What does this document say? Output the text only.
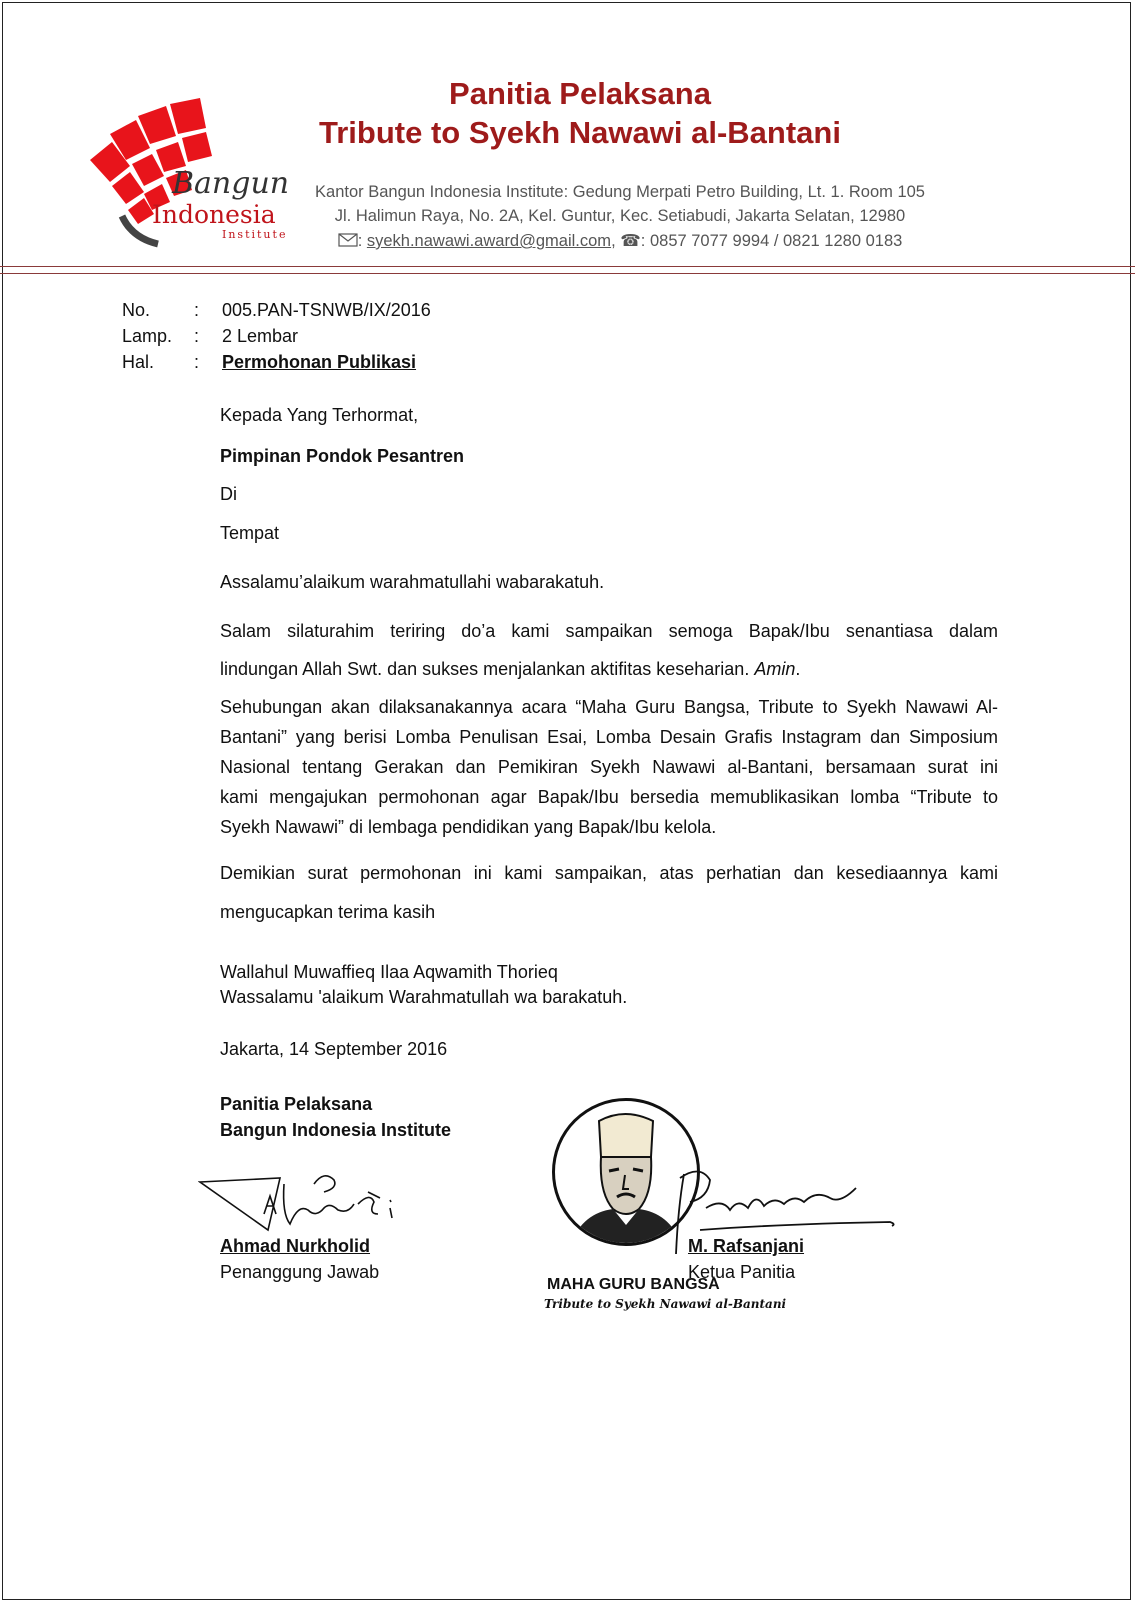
Bangun
Indonesia
Institute
Panitia Pelaksana
Tribute to Syekh Nawawi al-Bantani
Kantor Bangun Indonesia Institute: Gedung Merpati Petro Building, Lt. 1. Room 105
Jl. Halimun Raya, No. 2A, Kel. Guntur, Kec. Setiabudi, Jakarta Selatan, 12980
: syekh.nawawi.award@gmail.com, ☎: 0857 7077 9994 / 0821 1280 0183
No. : 005.PAN-TSNWB/IX/2016
Lamp. : 2 Lembar
Hal. : Permohonan Publikasi
Kepada Yang Terhormat,
Pimpinan Pondok Pesantren
Di
Tempat
Assalamu’alaikum warahmatullahi wabarakatuh.
Salam silaturahim teriring do’a kami sampaikan semoga Bapak/Ibu senantiasa dalam
lindungan Allah Swt. dan sukses menjalankan aktifitas keseharian. Amin.
Sehubungan akan dilaksanakannya acara “Maha Guru Bangsa, Tribute to Syekh Nawawi Al-
Bantani” yang berisi Lomba Penulisan Esai, Lomba Desain Grafis Instagram dan Simposium
Nasional tentang Gerakan dan Pemikiran Syekh Nawawi al-Bantani, bersamaan surat ini
kami mengajukan permohonan agar Bapak/Ibu bersedia memublikasikan lomba “Tribute to
Syekh Nawawi” di lembaga pendidikan yang Bapak/Ibu kelola.
Demikian surat permohonan ini kami sampaikan, atas perhatian dan kesediaannya kami
mengucapkan terima kasih
Wallahul Muwaffieq Ilaa Aqwamith Thorieq
Wassalamu 'alaikum Warahmatullah wa barakatuh.
Jakarta, 14 September 2016
Panitia Pelaksana
Bangun Indonesia Institute
Ahmad Nurkholid
Penanggung Jawab
MAHA GURU BANGSA
Tribute to Syekh Nawawi al-Bantani
M. Rafsanjani
Ketua Panitia
